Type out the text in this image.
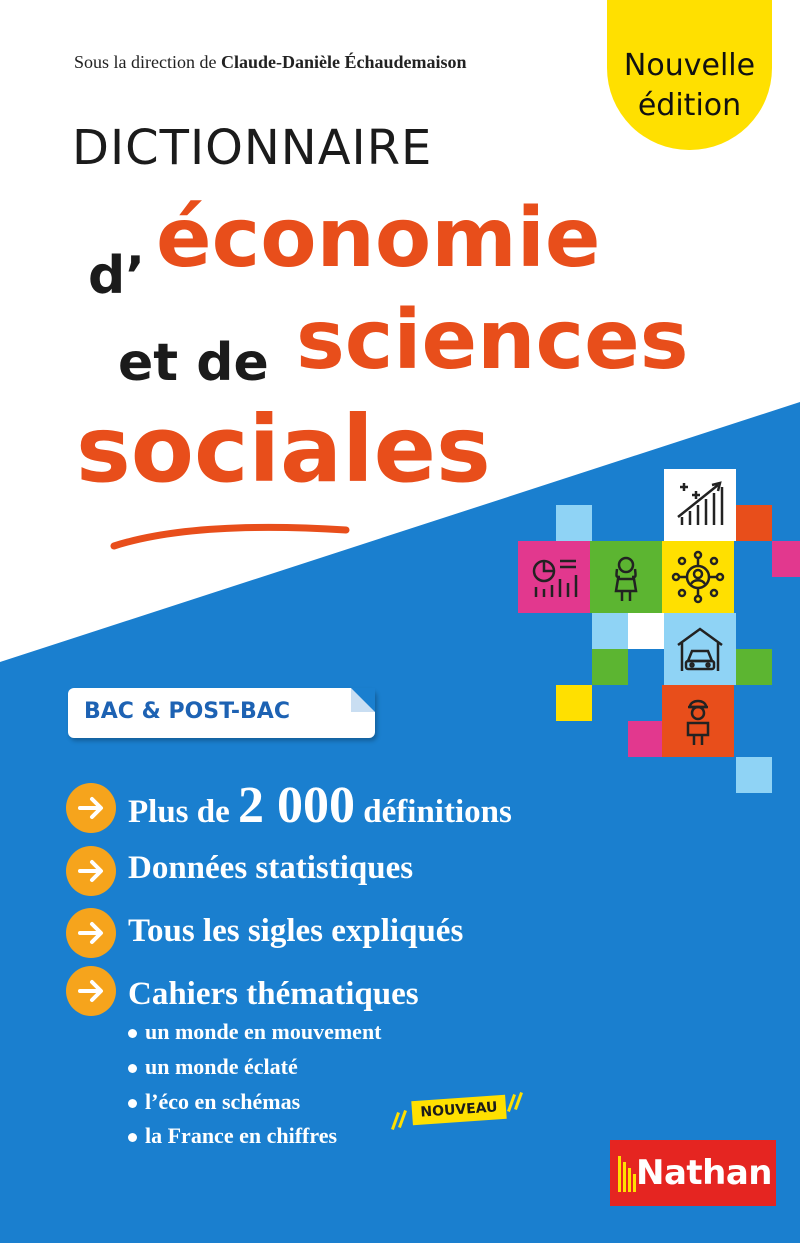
Nouvelle
édition
Sous la direction de Claude-Danièle Échaudemaison
DICTIONNAIRE
d’ économie
et de sciences
sociales
BAC & POST-BAC
Plus de 2 000 définitions
Données statistiques
Tous les sigles expliqués
Cahiers thématiques
un monde en mouvement
un monde éclaté
l’éco en schémas
la France en chiffres
NOUVEAU
Nathan
